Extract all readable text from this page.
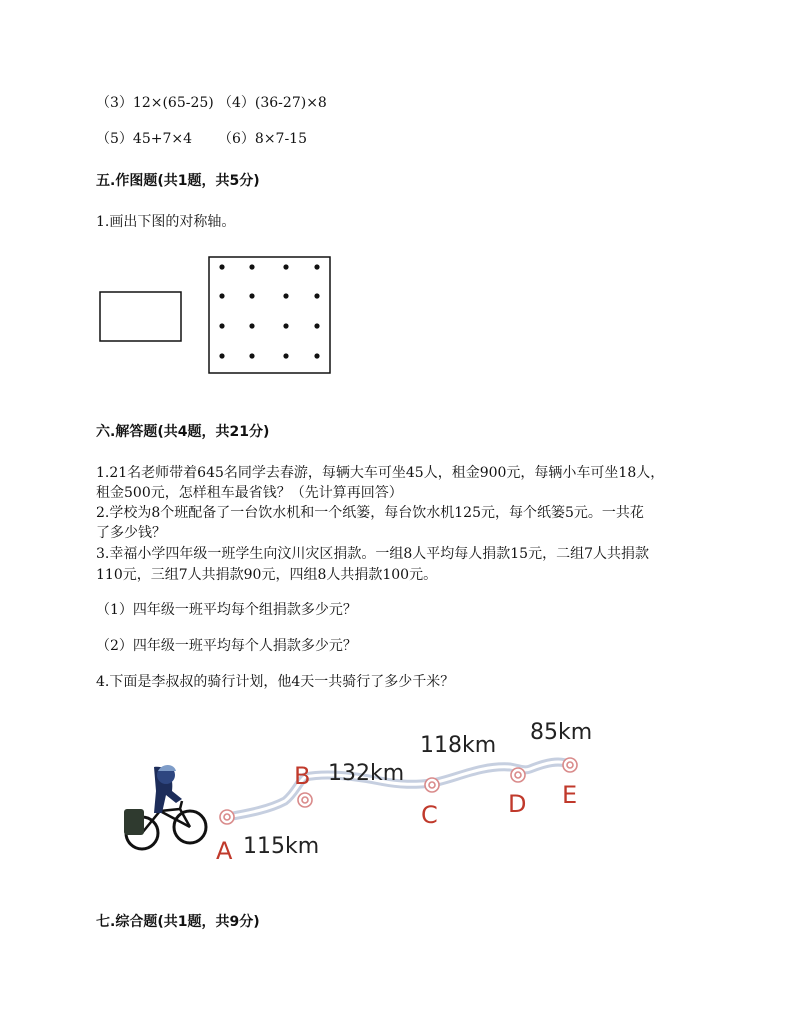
（3）12×(65-25) （4）(36-27)×8
（5）45+7×4 （6）8×7-15
五.作图题(共1题，共5分)
1.画出下图的对称轴。
六.解答题(共4题，共21分)
1.21名老师带着645名同学去春游，每辆大车可坐45人，租金900元，每辆小车可坐18人，
租金500元，怎样租车最省钱？（先计算再回答）
2.学校为8个班配备了一台饮水机和一个纸篓，每台饮水机125元，每个纸篓5元。一共花
了多少钱？
3.幸福小学四年级一班学生向汶川灾区捐款。一组8人平均每人捐款15元，二组7人共捐款
110元，三组7人共捐款90元，四组8人共捐款100元。
（1）四年级一班平均每个组捐款多少元？
（2）四年级一班平均每个人捐款多少元？
4.下面是李叔叔的骑行计划，他4天一共骑行了多少千米？
A
B
C	D E
115km
132km
118km
85km
七.综合题(共1题，共9分)
